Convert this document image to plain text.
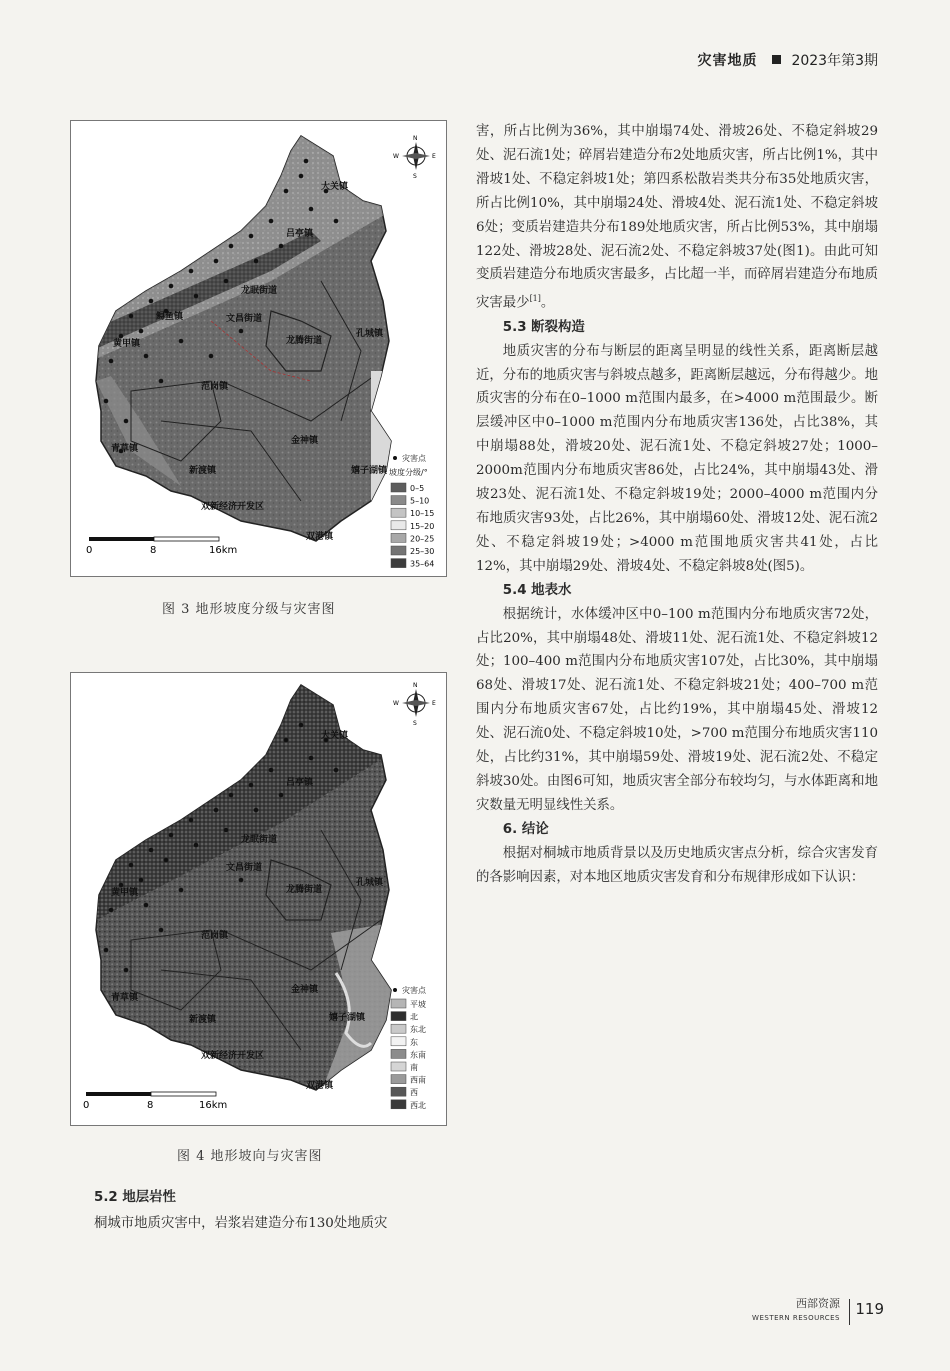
灾害地质 2023年第3期
大关镇
吕亭镇
孔城镇
龙腾街道
文昌街道
鲟鱼镇
黄甲镇
龙眠街道
范岗镇
金神镇
青草镇
新渡镇	嬉子湖镇
双新经济开发区
双港镇
N
S
W	E
0	8	16km
灾害点
坡度分级/°
0–5
5–10
10–15
15–20
20–25
25–30
35–64
图 3 地形坡度分级与灾害图
大关镇
吕亭镇
孔城镇
龙腾街道
文昌街道
黄甲镇
龙眠街道
范岗镇
金神镇
青草镇
新渡镇	嬉子湖镇
双新经济开发区
双港镇
N
S
W	E
0	8	16km
灾害点
平坡
北
东北
东
东南
南
西南
西
西北
图 4 地形坡向与灾害图
5.2 地层岩性

桐城市地质灾害中，岩浆岩建造分布130处地质灾

害，所占比例为36%，其中崩塌74处、滑坡26处、不稳定斜坡29处、泥石流1处；碎屑岩建造分布2处地质灾害，所占比例1%，其中滑坡1处、不稳定斜坡1处；第四系松散岩类共分布35处地质灾害，所占比例10%，其中崩塌24处、滑坡4处、泥石流1处、不稳定斜坡6处；变质岩建造共分布189处地质灾害，所占比例53%，其中崩塌122处、滑坡28处、泥石流2处、不稳定斜坡37处(图1)。由此可知变质岩建造分布地质灾害最多，占比超一半，而碎屑岩建造分布地质灾害最少[1]。

5.3 断裂构造

地质灾害的分布与断层的距离呈明显的线性关系，距离断层越近，分布的地质灾害与斜坡点越多，距离断层越远，分布得越少。地质灾害的分布在0–1000 m范围内最多，在>4000 m范围最少。断层缓冲区中0–1000 m范围内分布地质灾害136处，占比38%，其中崩塌88处，滑坡20处、泥石流1处、不稳定斜坡27处；1000–2000m范围内分布地质灾害86处，占比24%，其中崩塌43处、滑坡23处、泥石流1处、不稳定斜坡19处；2000–4000 m范围内分布地质灾害93处，占比26%，其中崩塌60处、滑坡12处、泥石流2处、不稳定斜坡19处；>4000 m范围地质灾害共41处，占比12%，其中崩塌29处、滑坡4处、不稳定斜坡8处(图5)。

5.4 地表水

根据统计，水体缓冲区中0–100 m范围内分布地质灾害72处，占比20%，其中崩塌48处、滑坡11处、泥石流1处、不稳定斜坡12处；100–400 m范围内分布地质灾害107处，占比30%，其中崩塌68处、滑坡17处、泥石流1处、不稳定斜坡21处；400–700 m范围内分布地质灾害67处，占比约19%，其中崩塌45处、滑坡12处、泥石流0处、不稳定斜坡10处，>700 m范围分布地质灾害110处，占比约31%，其中崩塌59处、滑坡19处、泥石流2处、不稳定斜坡30处。由图6可知，地质灾害全部分布较均匀，与水体距离和地灾数量无明显线性关系。

6. 结论

根据对桐城市地质背景以及历史地质灾害点分析，综合灾害发育的各影响因素，对本地区地质灾害发育和分布规律形成如下认识：

西部资源
WESTERN RESOURCES 119
